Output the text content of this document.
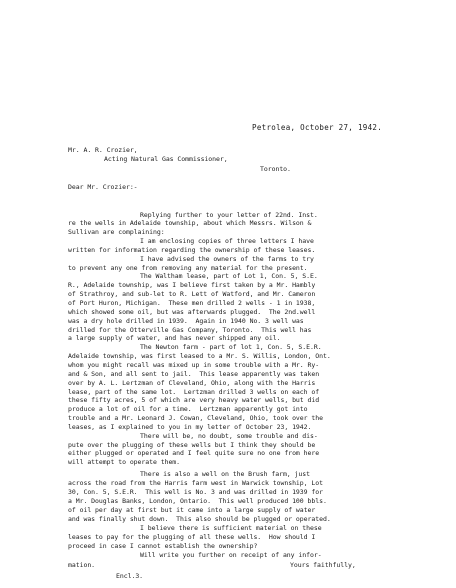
Petrolea, October 27, 1942.

Mr. A. R. Crozier,

Acting Natural Gas Commissioner,

Toronto.

Dear Mr. Crozier:-

Replying further to your letter of 22nd. Inst.

re the wells in Adelaide township, about which Messrs. Wilson &

Sullivan are complaining:

I am enclosing copies of three letters I have

written for information regarding the ownership of these leases.

I have advised the owners of the farms to try

to prevent any one from removing any material for the present.

The Waltham lease, part of Lot 1, Con. 5, S.E.

R., Adelaide township, was I believe first taken by a Mr. Hambly

of Strathroy, and sub-let to R. Lett of Watford, and Mr. Cameron

of Port Huron, Michigan.  These men drilled 2 wells - 1 in 1938,

which showed some oil, but was afterwards plugged.  The 2nd.well

was a dry hole drilled in 1939.  Again in 1940 No. 3 well was

drilled for the Otterville Gas Company, Toronto.  This well has

a large supply of water, and has never shipped any oil.

The Newton farm - part of lot 1, Con. 5, S.E.R.

Adelaide township, was first leased to a Mr. S. Willis, London, Ont.

whom you might recall was mixed up in some trouble with a Mr. Ry-

and & Son, and all sent to jail.  This lease apparently was taken

over by A. L. Lertzman of Cleveland, Ohio, along with the Harris

lease, part of the same lot.  Lertzman drilled 3 wells on each of

these fifty acres, 5 of which are very heavy water wells, but did

produce a lot of oil for a time.  Lertzman apparently got into

trouble and a Mr. Leonard J. Cowan, Cleveland, Ohio, took over the

leases, as I explained to you in my letter of October 23, 1942.

There will be, no doubt, some trouble and dis-

pute over the plugging of these wells but I think they should be

either plugged or operated and I feel quite sure no one from here

will attempt to operate them.

There is also a well on the Brush farm, just

across the road from the Harris farm west in Warwick township, Lot

30, Con. 5, S.E.R.  This well is No. 3 and was drilled in 1939 for

a Mr. Douglas Banks, London, Ontario.  This well produced 100 bbls.

of oil per day at first but it came into a large supply of water

and was finally shut down.  This also should be plugged or operated.

I believe there is sufficient material on these

leases to pay for the plugging of all these wells.  How should I

proceed in case I cannot establish the ownership?

Will write you further on receipt of any infor-

mation.	Yours faithfully,

Encl.3.
